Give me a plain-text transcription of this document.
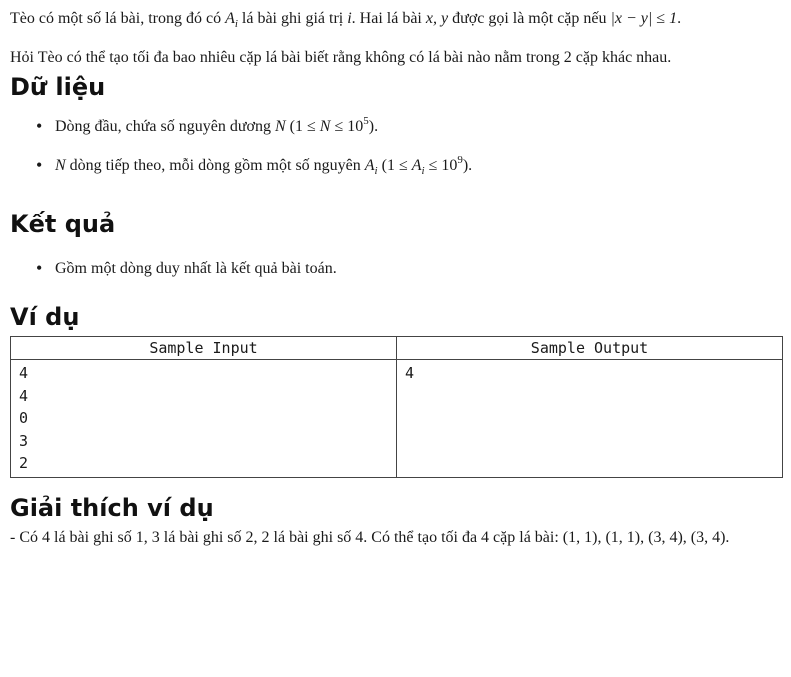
Tèo có một số lá bài, trong đó có $A_i$ lá bài ghi giá trị i. Hai lá bài x, y được gọi là một cặp nếu |x − y| ≤ 1.

Hỏi Tèo có thể tạo tối đa bao nhiêu cặp lá bài biết rằng không có lá bài nào nằm trong 2 cặp khác nhau.

Dữ liệu
• Dòng đầu, chứa số nguyên dương N $(1 \le N \le 10^5)$.
• N dòng tiếp theo, mỗi dòng gồm một số nguyên $A_i$ $(1 \le A_i \le 10^9)$.
Kết quả
• Gồm một dòng duy nhất là kết quả bài toán.
Ví dụ
Sample Input	Sample Output
4
4
0
3
2	4
Giải thích ví dụ

- Có 4 lá bài ghi số 1, 3 lá bài ghi số 2, 2 lá bài ghi số 4. Có thể tạo tối đa 4 cặp lá bài: (1, 1), (1, 1), (3, 4), (3, 4).
